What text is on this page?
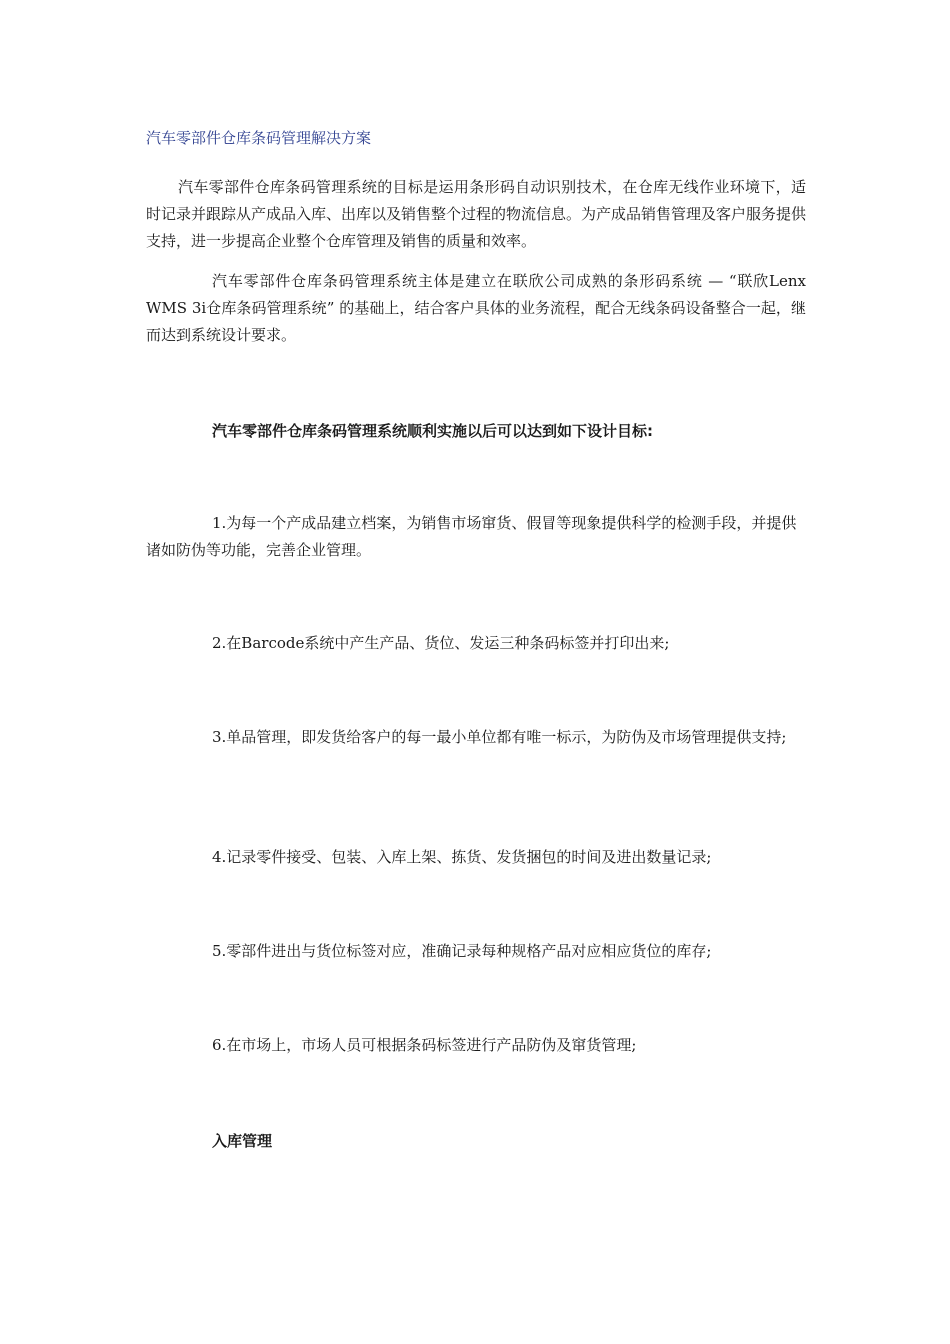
汽车零部件仓库条码管理解决方案

汽车零部件仓库条码管理系统的目标是运用条形码自动识别技术，在仓库无线作业环境下，适时记录并跟踪从产成品入库、出库以及销售整个过程的物流信息。为产成品销售管理及客户服务提供支持，进一步提高企业整个仓库管理及销售的质量和效率。

汽车零部件仓库条码管理系统主体是建立在联欣公司成熟的条形码系统 — “联欣Lenx WMS 3i仓库条码管理系统” 的基础上，结合客户具体的业务流程，配合无线条码设备整合一起，继而达到系统设计要求。

汽车零部件仓库条码管理系统顺利实施以后可以达到如下设计目标:

1.为每一个产成品建立档案，为销售市场窜货、假冒等现象提供科学的检测手段，并提供诸如防伪等功能，完善企业管理。

2.在Barcode系统中产生产品、货位、发运三种条码标签并打印出来;

3.单品管理，即发货给客户的每一最小单位都有唯一标示，为防伪及市场管理提供支持;

4.记录零件接受、包装、入库上架、拣货、发货捆包的时间及进出数量记录;

5.零部件进出与货位标签对应，准确记录每种规格产品对应相应货位的库存;

6.在市场上，市场人员可根据条码标签进行产品防伪及窜货管理;

入库管理
